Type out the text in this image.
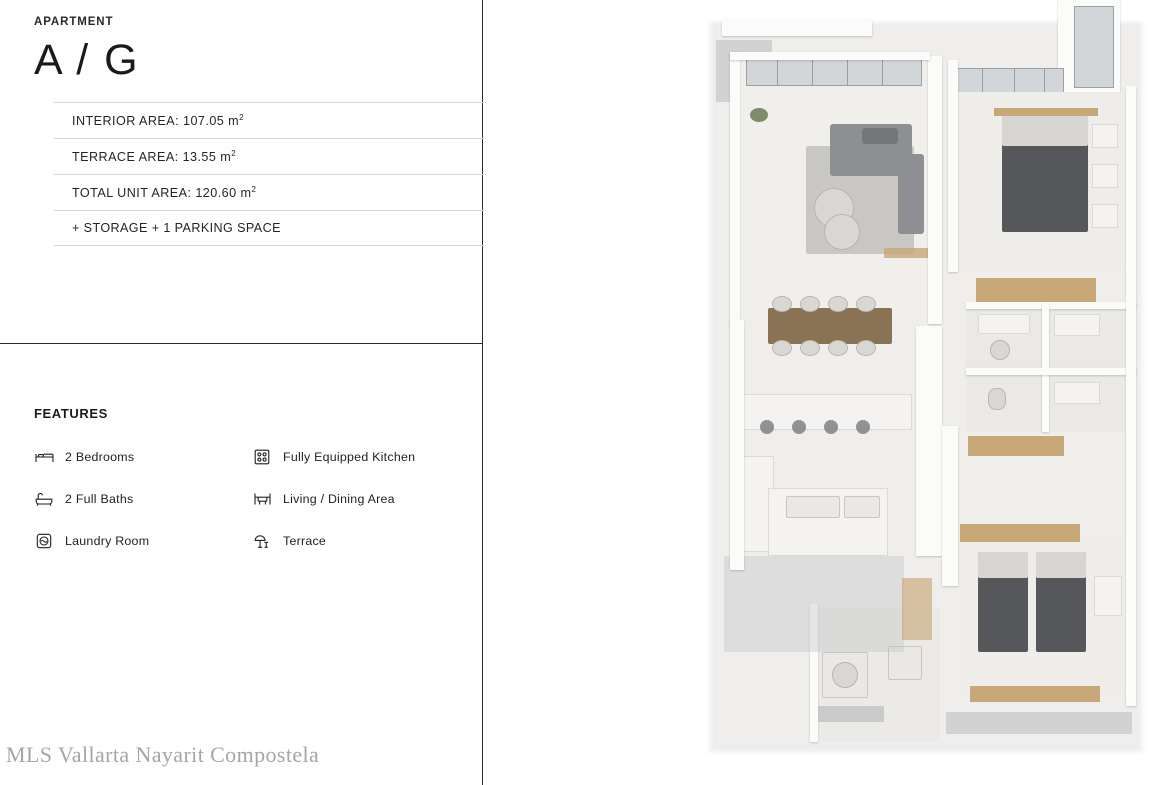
APARTMENT
A / G
INTERIOR AREA: 107.05 $m^2$
TERRACE AREA: 13.55 $m^2$
TOTAL UNIT AREA: 120.60 $m^2$
+ STORAGE + 1 PARKING SPACE
FEATURES
2 Bedrooms	Fully Equipped Kitchen
2 Full Baths	Living / Dining Area
Laundry Room	Terrace
MLS Vallarta Nayarit Compostela
